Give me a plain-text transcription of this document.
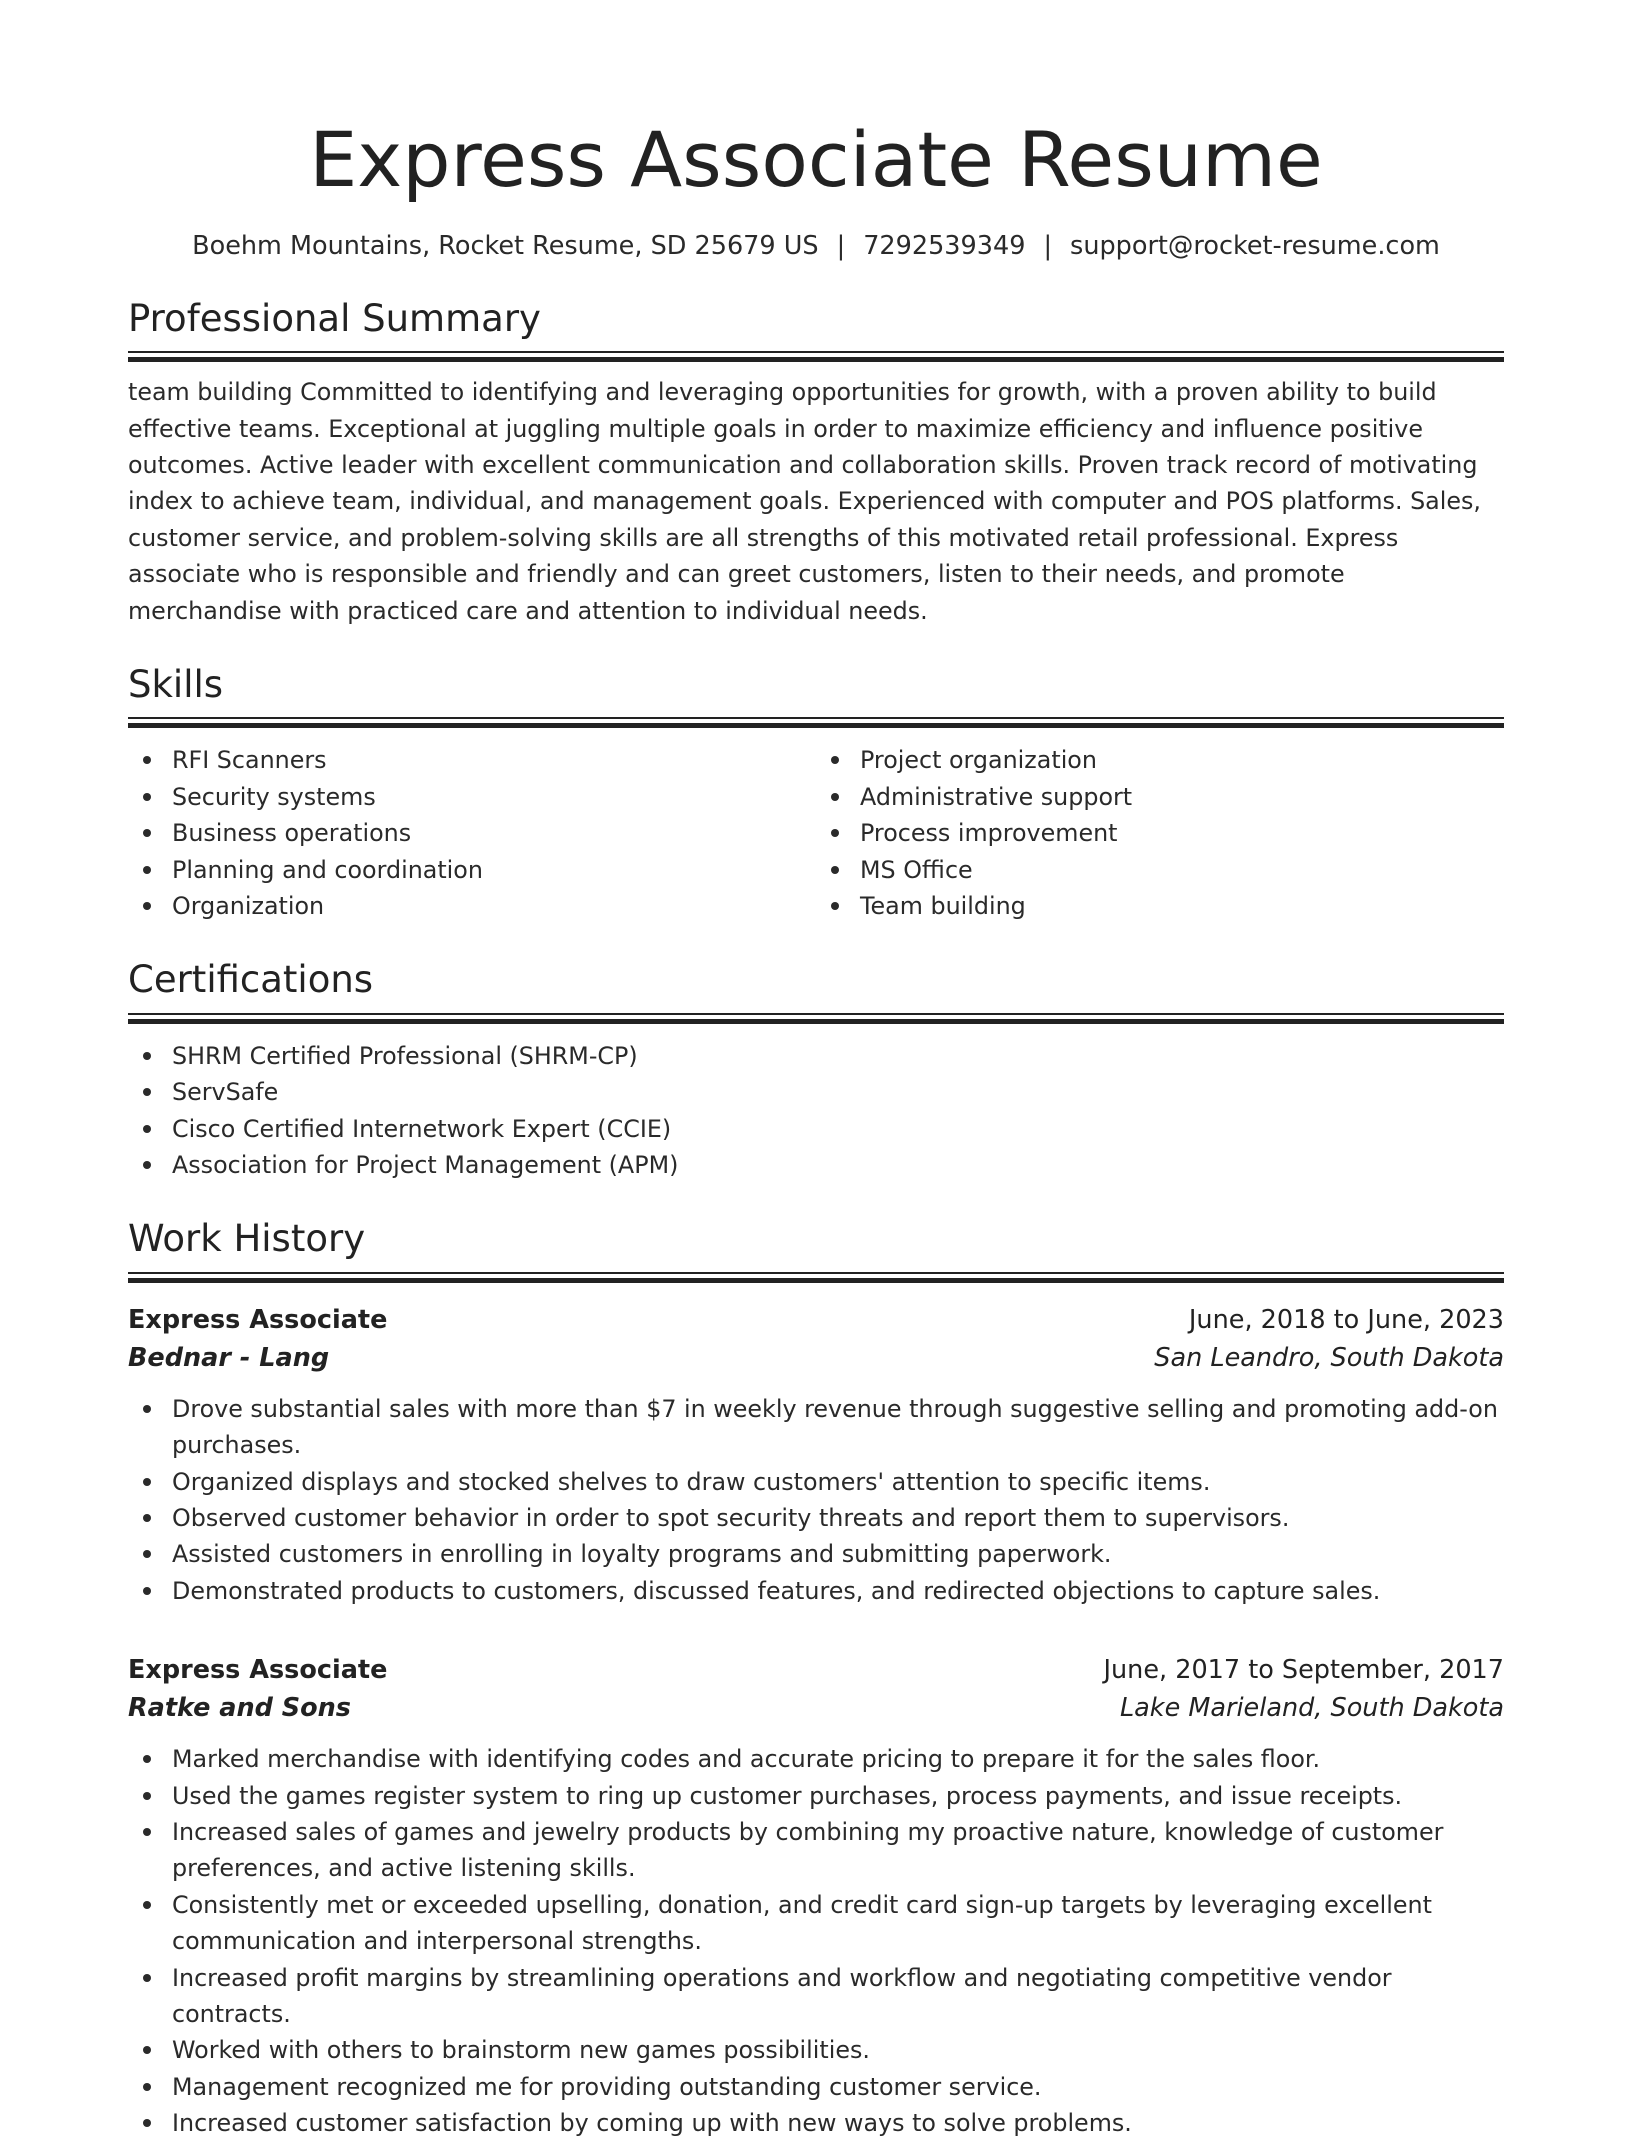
Express Associate Resume
Boehm Mountains, Rocket Resume, SD 25679 US | 7292539349 | support@rocket-resume.com
Professional Summary

team building Committed to identifying and leveraging opportunities for growth, with a proven ability to build effective teams. Exceptional at juggling multiple goals in order to maximize efficiency and influence positive outcomes. Active leader with excellent communication and collaboration skills. Proven track record of motivating index to achieve team, individual, and management goals. Experienced with computer and POS platforms. Sales, customer service, and problem-solving skills are all strengths of this motivated retail professional. Express associate who is responsible and friendly and can greet customers, listen to their needs, and promote merchandise with practiced care and attention to individual needs.

Skills
RFI Scanners
Security systems
Business operations
Planning and coordination
Organization
Project organization
Administrative support
Process improvement
MS Office
Team building
Certifications
SHRM Certified Professional (SHRM-CP)
ServSafe
Cisco Certified Internetwork Expert (CCIE)
Association for Project Management (APM)
Work History
Express Associate	June, 2018 to June, 2023
Bednar - Lang	San Leandro, South Dakota
Drove substantial sales with more than $7 in weekly revenue through suggestive selling and promoting add-on purchases.
Organized displays and stocked shelves to draw customers' attention to specific items.
Observed customer behavior in order to spot security threats and report them to supervisors.
Assisted customers in enrolling in loyalty programs and submitting paperwork.
Demonstrated products to customers, discussed features, and redirected objections to capture sales.
Express Associate	June, 2017 to September, 2017
Ratke and Sons	Lake Marieland, South Dakota
Marked merchandise with identifying codes and accurate pricing to prepare it for the sales floor.
Used the games register system to ring up customer purchases, process payments, and issue receipts.
Increased sales of games and jewelry products by combining my proactive nature, knowledge of customer preferences, and active listening skills.
Consistently met or exceeded upselling, donation, and credit card sign-up targets by leveraging excellent communication and interpersonal strengths.
Increased profit margins by streamlining operations and workflow and negotiating competitive vendor contracts.
Worked with others to brainstorm new games possibilities.
Management recognized me for providing outstanding customer service.
Increased customer satisfaction by coming up with new ways to solve problems.
